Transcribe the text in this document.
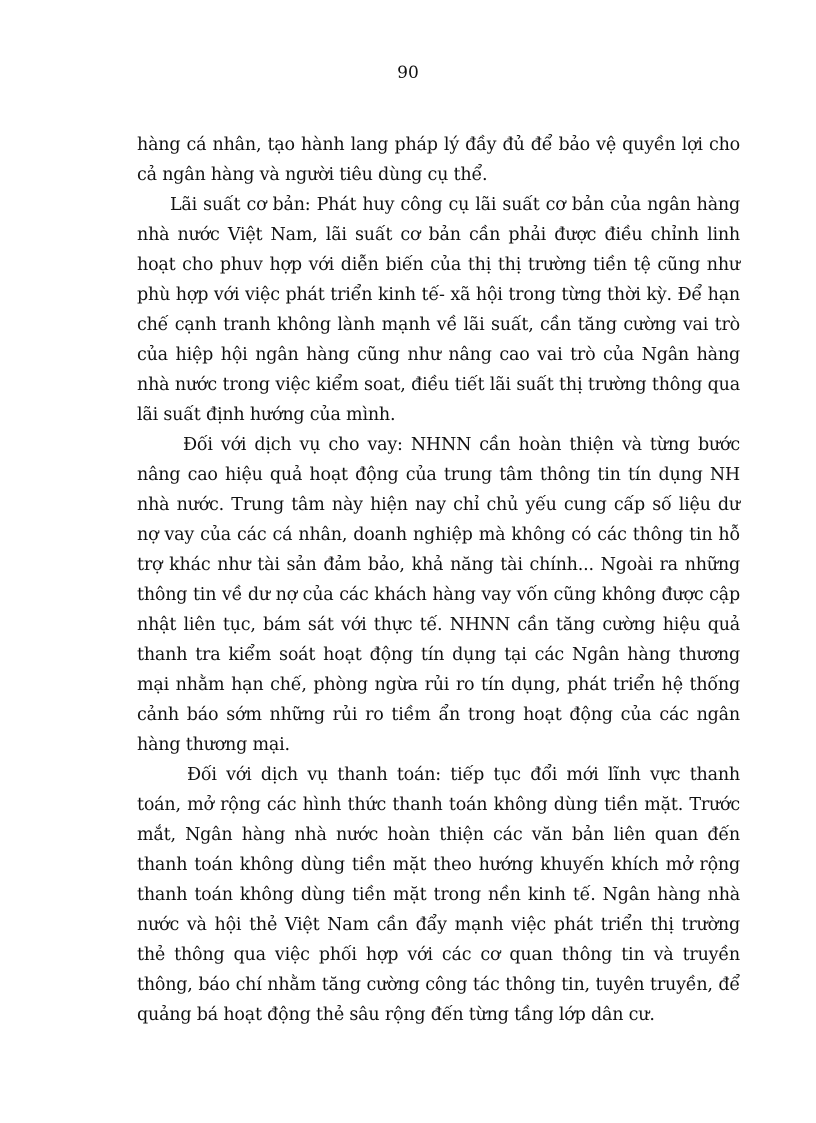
90

hàng cá nhân, tạo hành lang pháp lý đầy đủ để bảo vệ quyền lợi cho cả ngân hàng và người tiêu dùng cụ thể.

Lãi suất cơ bản: Phát huy công cụ lãi suất cơ bản của ngân hàng nhà nước Việt Nam, lãi suất cơ bản cần phải được điều chỉnh linh hoạt cho phuv hợp với diễn biến của thị thị trường tiền tệ cũng như phù hợp với việc phát triển kinh tế- xã hội trong từng thời kỳ. Để hạn chế cạnh tranh không lành mạnh về lãi suất, cần tăng cường vai trò của hiệp hội ngân hàng cũng như nâng cao vai trò của Ngân hàng nhà nước trong việc kiểm soat, điều tiết lãi suất thị trường thông qua lãi suất định hướng của mình.

Đối với dịch vụ cho vay: NHNN cần hoàn thiện và từng bước nâng cao hiệu quả hoạt động của trung tâm thông tin tín dụng NH nhà nước. Trung tâm này hiện nay chỉ chủ yếu cung cấp số liệu dư nợ vay của các cá nhân, doanh nghiệp mà không có các thông tin hỗ trợ khác như tài sản đảm bảo, khả năng tài chính... Ngoài ra những thông tin về dư nợ của các khách hàng vay vốn cũng không được cập nhật liên tục, bám sát với thực tế. NHNN cần tăng cường hiệu quả thanh tra kiểm soát hoạt động tín dụng tại các Ngân hàng thương mại nhằm hạn chế, phòng ngừa rủi ro tín dụng, phát triển hệ thống cảnh báo sớm những rủi ro tiềm ẩn trong hoạt động của các ngân hàng thương mại.

Đối với dịch vụ thanh toán: tiếp tục đổi mới lĩnh vực thanh toán, mở rộng các hình thức thanh toán không dùng tiền mặt. Trước mắt, Ngân hàng nhà nước hoàn thiện các văn bản liên quan đến thanh toán không dùng tiền mặt theo hướng khuyến khích mở rộng thanh toán không dùng tiền mặt trong nền kinh tế. Ngân hàng nhà nước và hội thẻ Việt Nam cần đẩy mạnh việc phát triển thị trường thẻ thông qua việc phối hợp với các cơ quan thông tin và truyền thông, báo chí nhằm tăng cường công tác thông tin, tuyên truyền, để quảng bá hoạt động thẻ sâu rộng đến từng tầng lớp dân cư.
